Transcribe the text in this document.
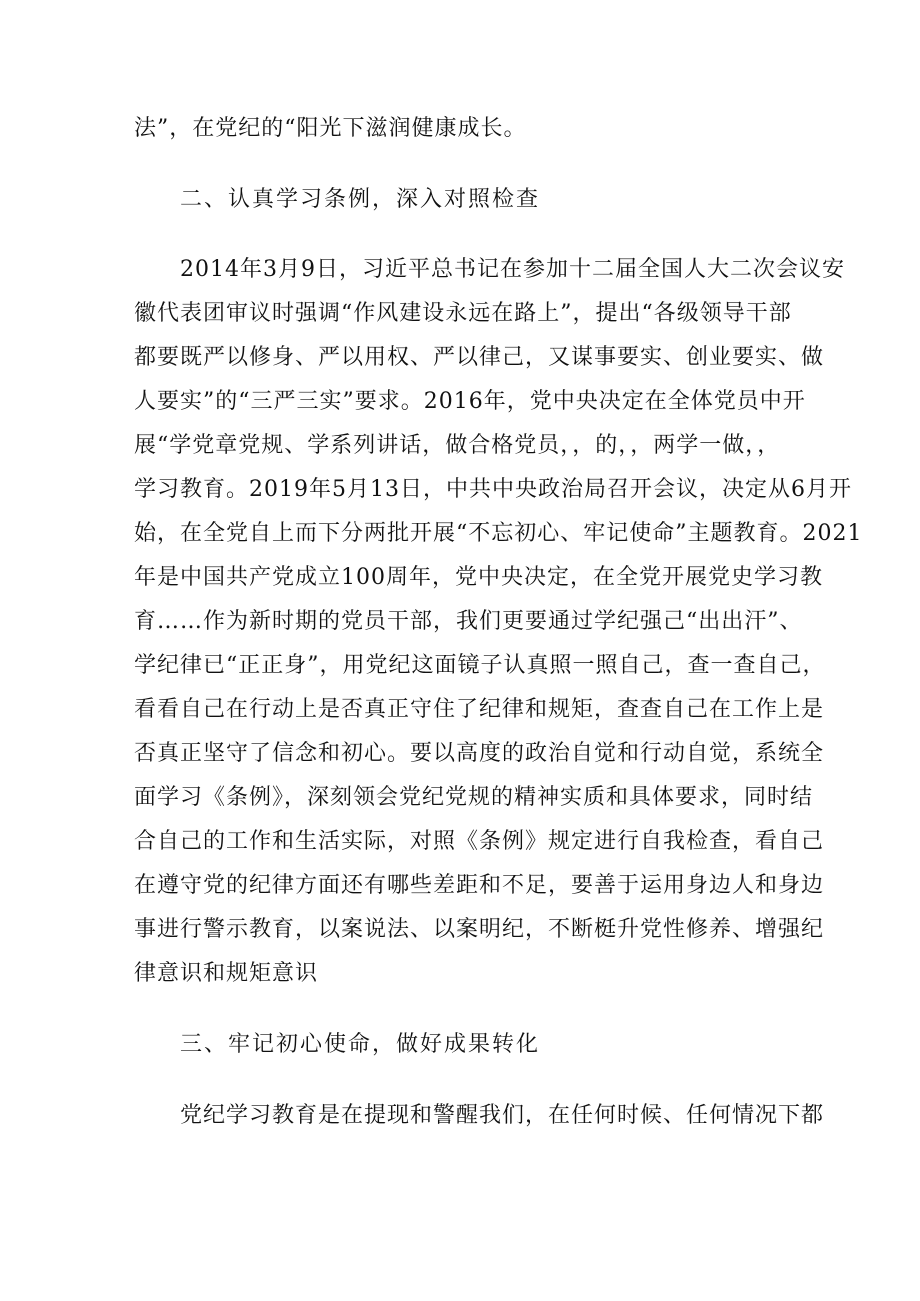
法”，在党纪的“阳光下滋润健康成长。
二、认真学习条例，深入对照检查
2014年3月9日，习近平总书记在参加十二届全国人大二次会议安
徽代表团审议时强调“作风建设永远在路上”，提出“各级领导干部
都要既严以修身、严以用权、严以律己，又谋事要实、创业要实、做
人要实”的“三严三实”要求。2016年，党中央决定在全体党员中开
展“学党章党规、学系列讲话，做合格党员，，的，，两学一做，，
学习教育。2019年5月13日，中共中央政治局召开会议，决定从6月开
始，在全党自上而下分两批开展“不忘初心、牢记使命”主题教育。2021
年是中国共产党成立100周年，党中央决定，在全党开展党史学习教
育……作为新时期的党员干部，我们更要通过学纪强己“出出汗”、
学纪律已“正正身”，用党纪这面镜子认真照一照自己，查一查自己，
看看自己在行动上是否真正守住了纪律和规矩，查查自己在工作上是
否真正坚守了信念和初心。要以高度的政治自觉和行动自觉，系统全
面学习《条例》，深刻领会党纪党规的精神实质和具体要求，同时结
合自己的工作和生活实际，对照《条例》规定进行自我检查，看自己
在遵守党的纪律方面还有哪些差距和不足，要善于运用身边人和身边
事进行警示教育，以案说法、以案明纪，不断梃升党性修养、增强纪
律意识和规矩意识
三、牢记初心使命，做好成果转化
党纪学习教育是在提现和警醒我们，在任何时候、任何情况下都
